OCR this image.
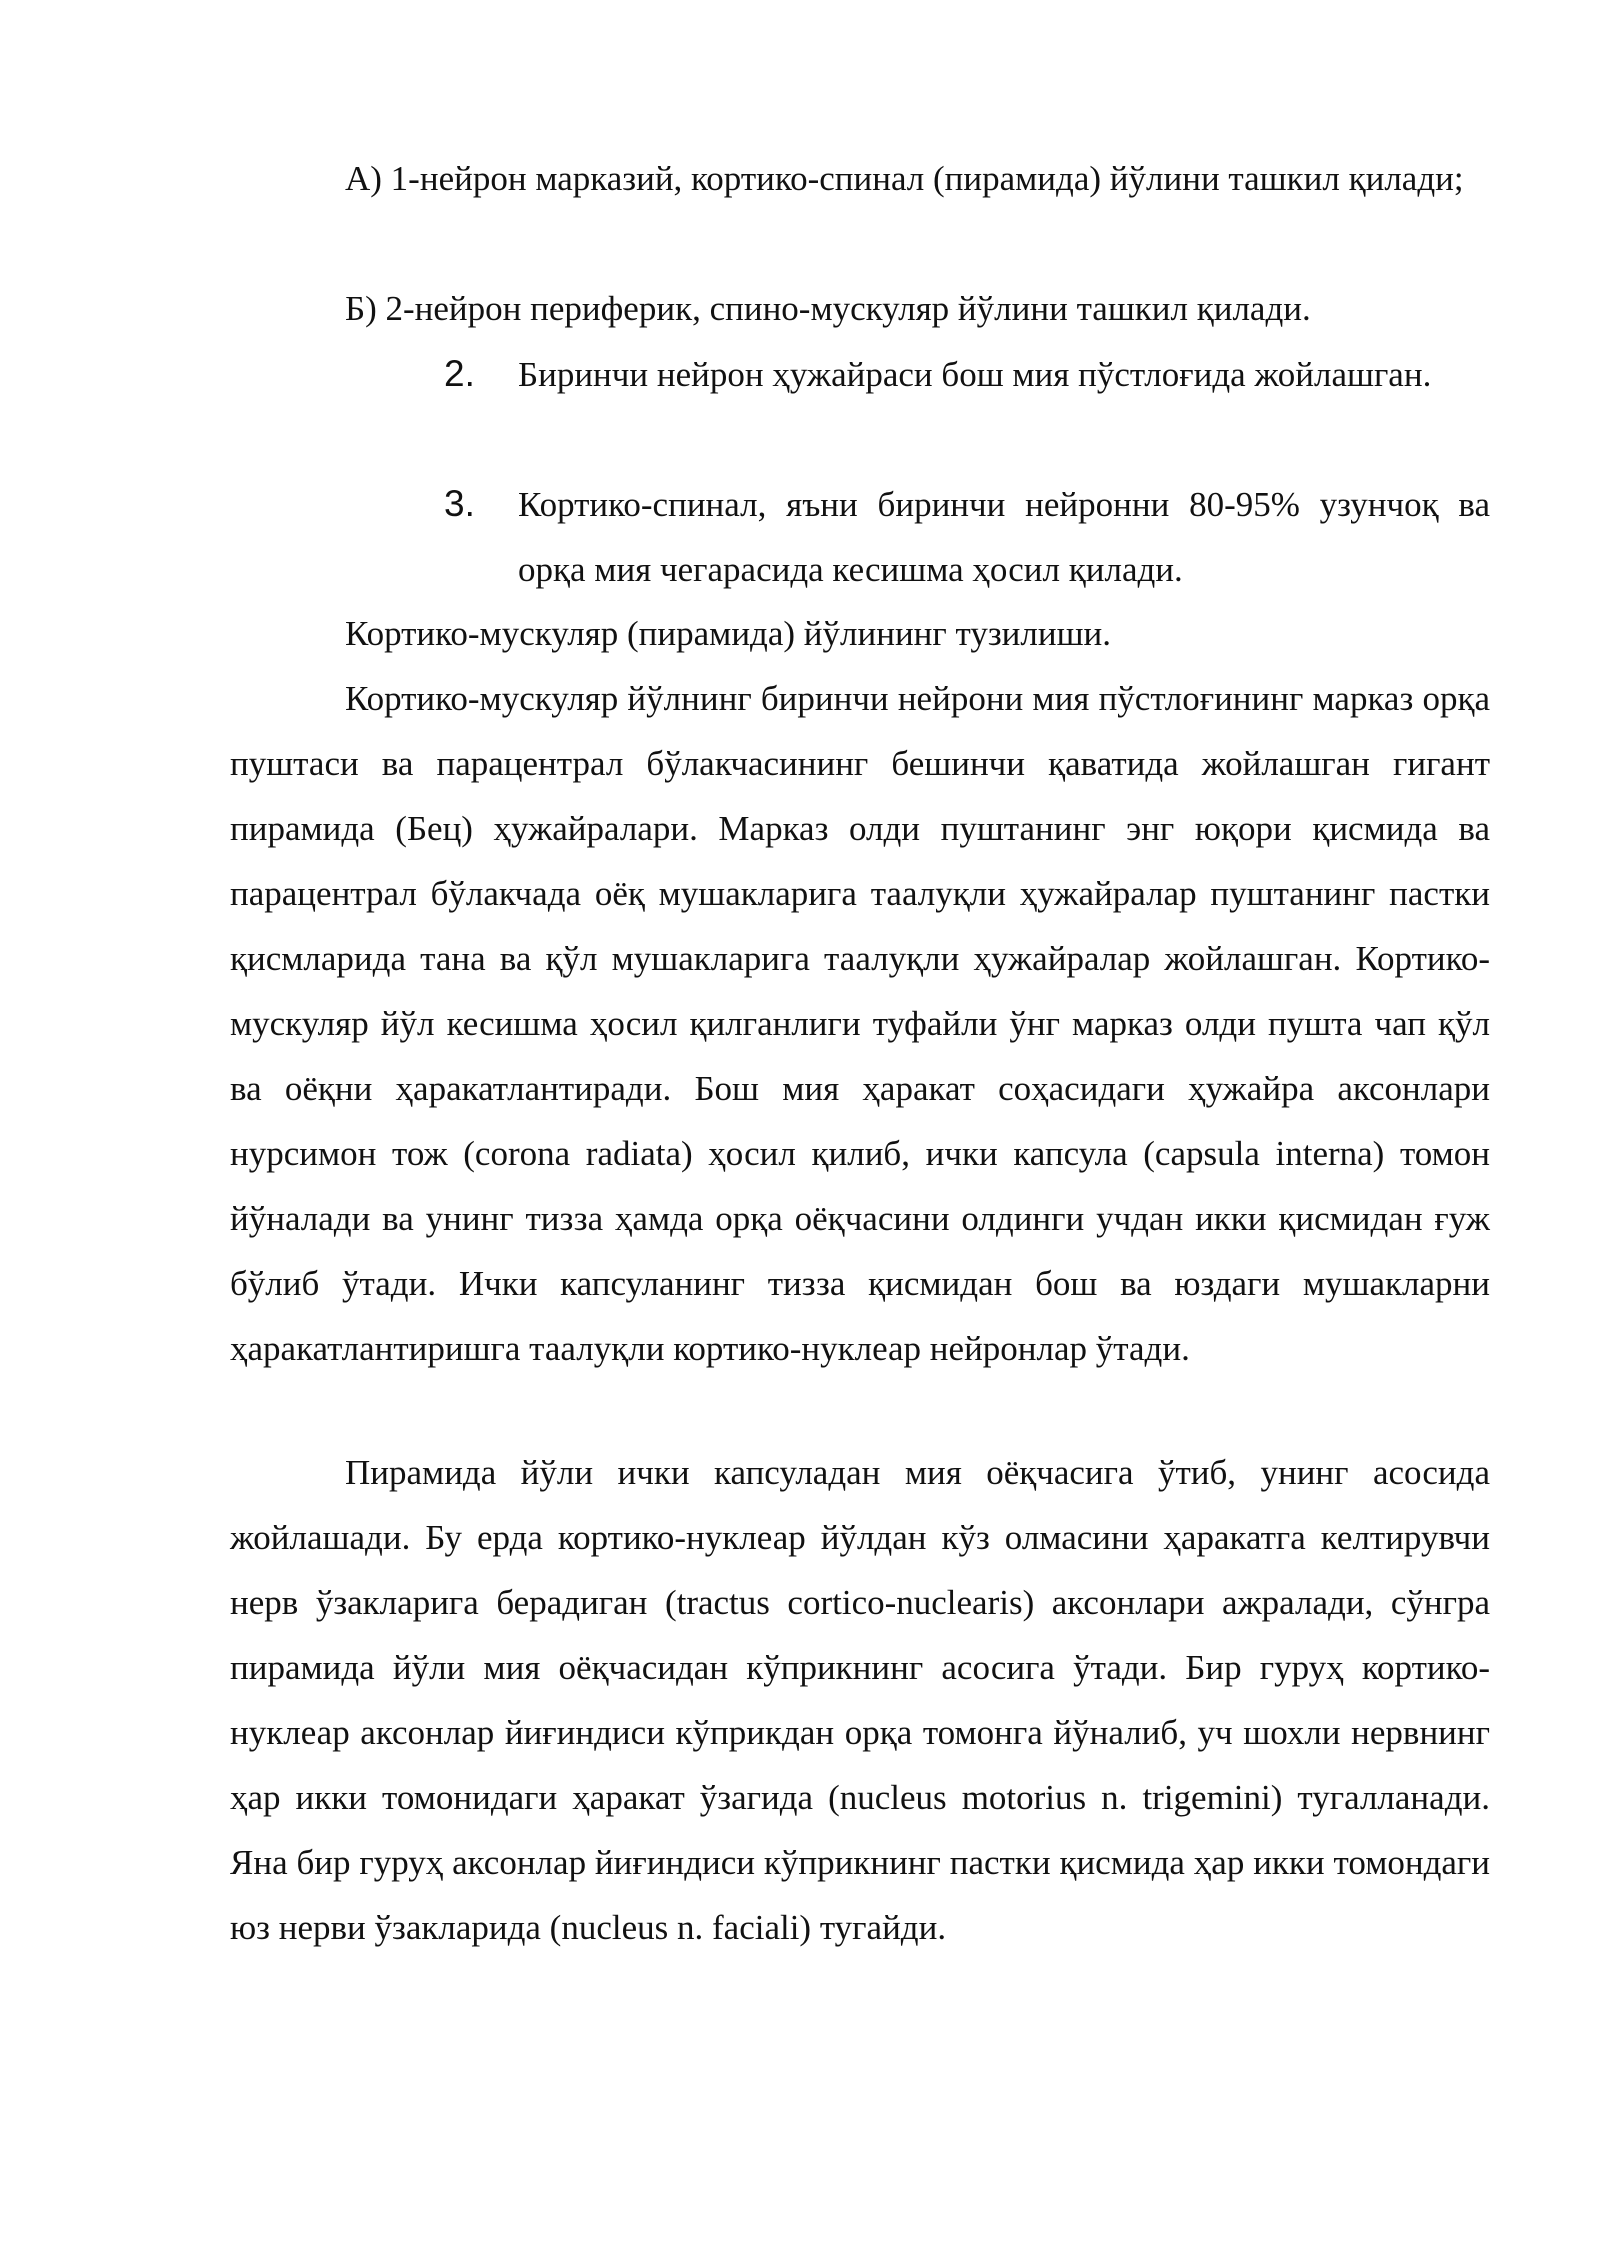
А) 1-нейрон марказий, кортико-спинал (пирамида) йўлини ташкил қилади;

Б) 2-нейрон периферик, спино-мускуляр йўлини ташкил қилади.

2. Биринчи нейрон ҳужайраси бош мия пўстлоғида жойлашган.

3. Кортико-спинал, яъни биринчи нейронни 80-95% узунчоқ ва орқа мия чегарасида кесишма ҳосил қилади.

Кортико-мускуляр (пирамида) йўлининг тузилиши.

Кортико-мускуляр йўлнинг биринчи нейрони мия пўстлоғининг марказ орқа пуштаси ва парацентрал бўлакчасининг бешинчи қаватида жойлашган гигант пирамида (Бец) ҳужайралари. Марказ олди пуштанинг энг юқори қисмида ва парацентрал бўлакчада оёқ мушакларига таалуқли ҳужайралар пуштанинг пастки қисмларида тана ва қўл мушакларига таалуқли ҳужайралар жойлашган. Кортико-мускуляр йўл кесишма ҳосил қилганлиги туфайли ўнг марказ олди пушта чап қўл ва оёқни ҳаракатлантиради. Бош мия ҳаракат соҳасидаги ҳужайра аксонлари нурсимон тож (corona radiata) ҳосил қилиб, ички капсула (capsula interna) томон йўналади ва унинг тизза ҳамда орқа оёқчасини олдинги учдан икки қисмидан ғуж бўлиб ўтади. Ички капсуланинг тизза қисмидан бош ва юздаги мушакларни ҳаракатлантиришга таалуқли кортико-нуклеар нейронлар ўтади.

Пирамида йўли ички капсуладан мия оёқчасига ўтиб, унинг асосида жойлашади. Бу ерда кортико-нуклеар йўлдан кўз олмасини ҳаракатга келтирувчи нерв ўзакларига берадиган (tractus cortico-nuclearis) аксонлари ажралади, сўнгра пирамида йўли мия оёқчасидан кўприкнинг асосига ўтади. Бир гуруҳ кортико-нуклеар аксонлар йиғиндиси кўприкдан орқа томонга йўналиб, уч шохли нервнинг ҳар икки томонидаги ҳаракат ўзагида (nucleus motorius n. trigemini) тугалланади. Яна бир гуруҳ аксонлар йиғиндиси кўприкнинг пастки қисмида ҳар икки томондаги юз нерви ўзакларида (nucleus n. faciali) тугайди.
